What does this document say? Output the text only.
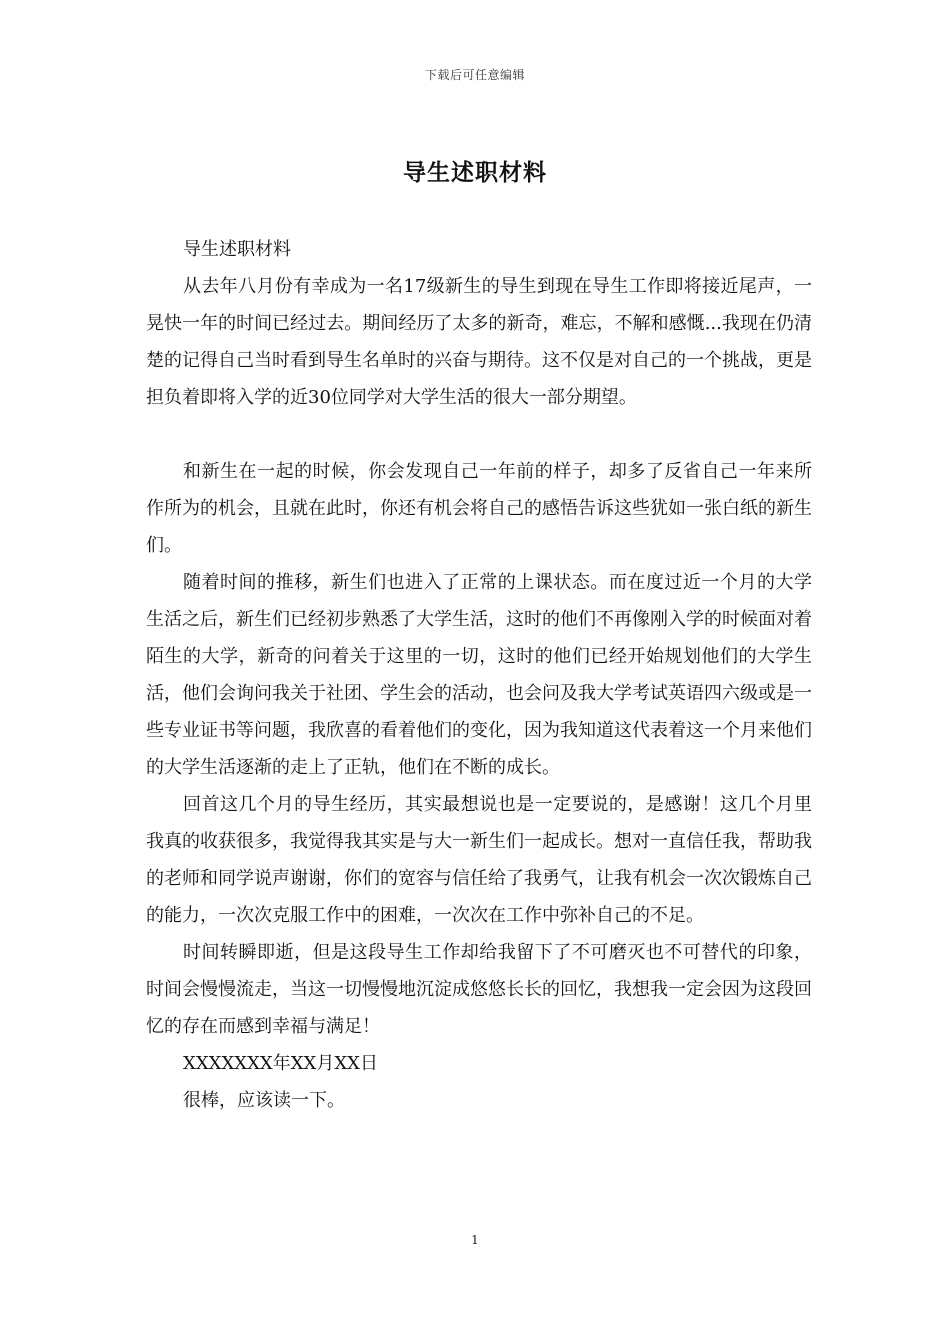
下载后可任意编辑
导生述职材料

导生述职材料

从去年八月份有幸成为一名17级新生的导生到现在导生工作即将接近尾声，一晃快一年的时间已经过去。期间经历了太多的新奇，难忘，不解和感慨...我现在仍清楚的记得自己当时看到导生名单时的兴奋与期待。这不仅是对自己的一个挑战，更是担负着即将入学的近30位同学对大学生活的很大一部分期望。

和新生在一起的时候，你会发现自己一年前的样子，却多了反省自己一年来所作所为的机会，且就在此时，你还有机会将自己的感悟告诉这些犹如一张白纸的新生们。

随着时间的推移，新生们也进入了正常的上课状态。而在度过近一个月的大学生活之后，新生们已经初步熟悉了大学生活，这时的他们不再像刚入学的时候面对着陌生的大学，新奇的问着关于这里的一切，这时的他们已经开始规划他们的大学生活，他们会询问我关于社团、学生会的活动，也会问及我大学考试英语四六级或是一些专业证书等问题，我欣喜的看着他们的变化，因为我知道这代表着这一个月来他们的大学生活逐渐的走上了正轨，他们在不断的成长。

回首这几个月的导生经历，其实最想说也是一定要说的，是感谢！这几个月里我真的收获很多，我觉得我其实是与大一新生们一起成长。想对一直信任我，帮助我的老师和同学说声谢谢，你们的宽容与信任给了我勇气，让我有机会一次次锻炼自己的能力，一次次克服工作中的困难，一次次在工作中弥补自己的不足。

时间转瞬即逝，但是这段导生工作却给我留下了不可磨灭也不可替代的印象，时间会慢慢流走，当这一切慢慢地沉淀成悠悠长长的回忆，我想我一定会因为这段回忆的存在而感到幸福与满足！

XXXXXXX年XX月XX日

很棒，应该读一下。

1
